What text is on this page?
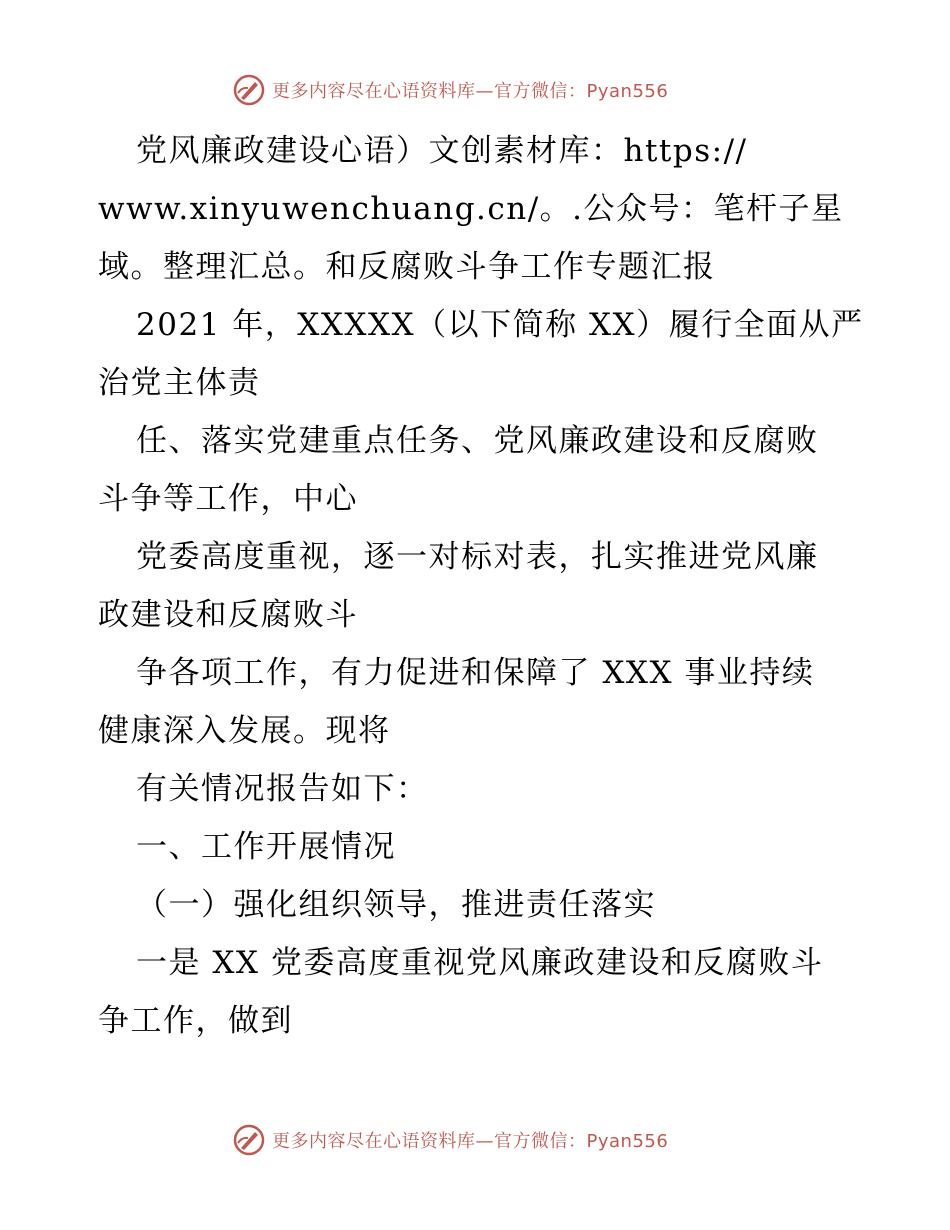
更多内容尽在心语资料库—官方微信：Pyan556
党风廉政建设心语）文创素材库：https://
www.xinyuwenchuang.cn/。.公众号：笔杆子星
域。整理汇总。和反腐败斗争工作专题汇报
2021 年，XXXXX（以下简称 XX）履行全面从严
治党主体责
任、落实党建重点任务、党风廉政建设和反腐败
斗争等工作，中心
党委高度重视，逐一对标对表，扎实推进党风廉
政建设和反腐败斗
争各项工作，有力促进和保障了 XXX 事业持续
健康深入发展。现将
有关情况报告如下：
一、工作开展情况
（一）强化组织领导，推进责任落实
一是 XX 党委高度重视党风廉政建设和反腐败斗
争工作，做到
更多内容尽在心语资料库—官方微信：Pyan556
